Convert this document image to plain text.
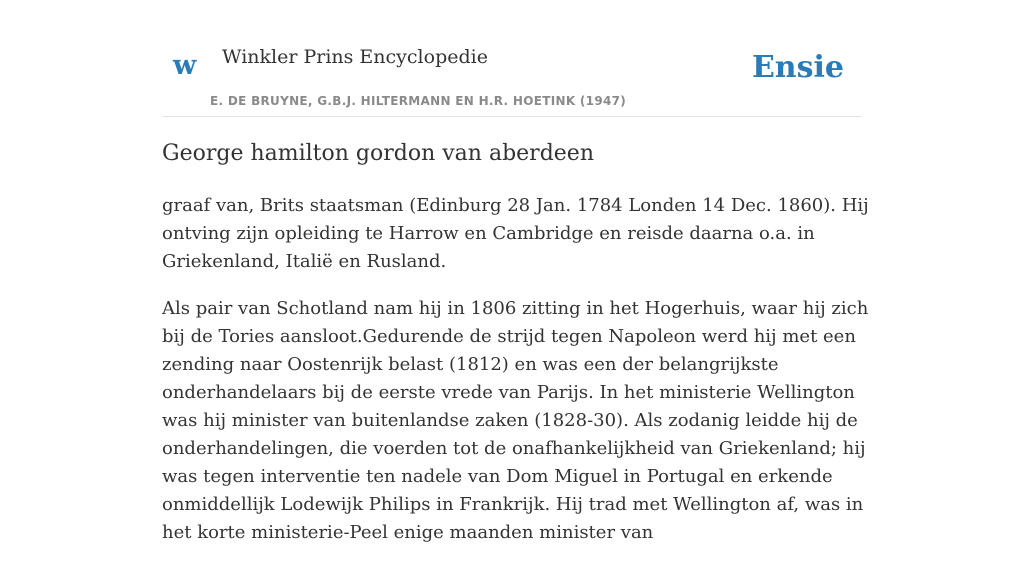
w Winkler Prins Encyclopedie
E. DE BRUYNE, G.B.J. HILTERMANN EN H.R. HOETINK (1947)
Ensie
George hamilton gordon van aberdeen

graaf van, Brits staatsman (Edinburg 28 Jan. 1784 Londen 14 Dec. 1860). Hij ontving zijn opleiding te Harrow en Cambridge en reisde daarna o.a. in Griekenland, Italië en Rusland.

Als pair van Schotland nam hij in 1806 zitting in het Hogerhuis, waar hij zich bij de Tories aansloot.Gedurende de strijd tegen Napoleon werd hij met een zending naar Oostenrijk belast (1812) en was een der belangrijkste onderhandelaars bij de eerste vrede van Parijs. In het ministerie Wellington was hij minister van buitenlandse zaken (1828-30). Als zodanig leidde hij de onderhandelingen, die voerden tot de onafhankelijkheid van Griekenland; hij was tegen interventie ten nadele van Dom Miguel in Portugal en erkende onmiddellijk Lodewijk Philips in Frankrijk. Hij trad met Wellington af, was in het korte ministerie-Peel enige maanden minister van
